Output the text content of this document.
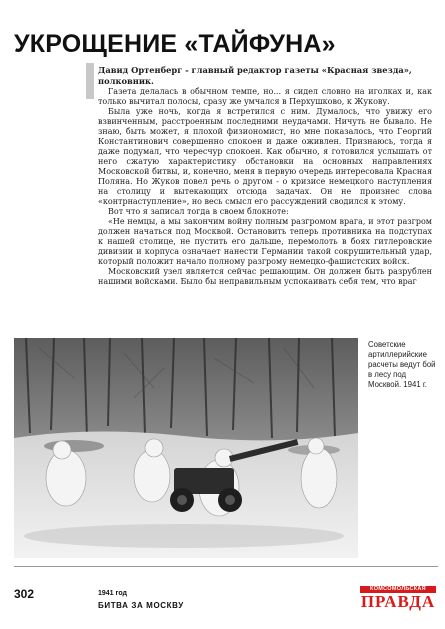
УКРОЩЕНИЕ «ТАЙФУНА»

Давид Ортенберг - главный редактор газеты «Красная звезда», полковник.

Газета делалась в обычном темпе, но... я сидел словно на иголках и, как только вычитал полосы, сразу же умчался в Перхушково, к Жукову.

Была уже ночь, когда я встретился с ним. Думалось, что увижу его взвинченным, расстроенным последними неудачами. Ничуть не бывало. Не знаю, быть может, я плохой физиономист, но мне показалось, что Георгий Константинович совершенно спокоен и даже оживлен. Признаюсь, тогда я даже подумал, что чересчур спокоен. Как обычно, я готовился услышать от него сжатую характеристику обстановки на основных направлениях Московской битвы, и, конечно, меня в первую очередь интересовала Красная Поляна. Но Жуков повел речь о другом - о кризисе немецкого наступления на столицу и вытекающих отсюда задачах. Он не произнес слова «контрнаступление», но весь смысл его рассуждений сводился к этому.

Вот что я записал тогда в своем блокноте:

«Не немцы, а мы закончим войну полным разгромом врага, и этот разгром должен начаться под Москвой. Остановить теперь противника на подступах к нашей столице, не пустить его дальше, перемолоть в боях гитлеровские дивизии и корпуса означает нанести Германии такой сокрушительный удар, который положит начало полному разгрому немецко-фашистских войск.

Московский узел является сейчас решающим. Он должен быть разрублен нашими войсками. Было бы неправильным успокаивать себя тем, что враг

Советские артиллерийские расчеты ведут бой в лесу под Москвой. 1941 г.
302	1941 год
БИТВА ЗА МОСКВУ
КОМСОМОЛЬСКАЯ
ПРАВДА
